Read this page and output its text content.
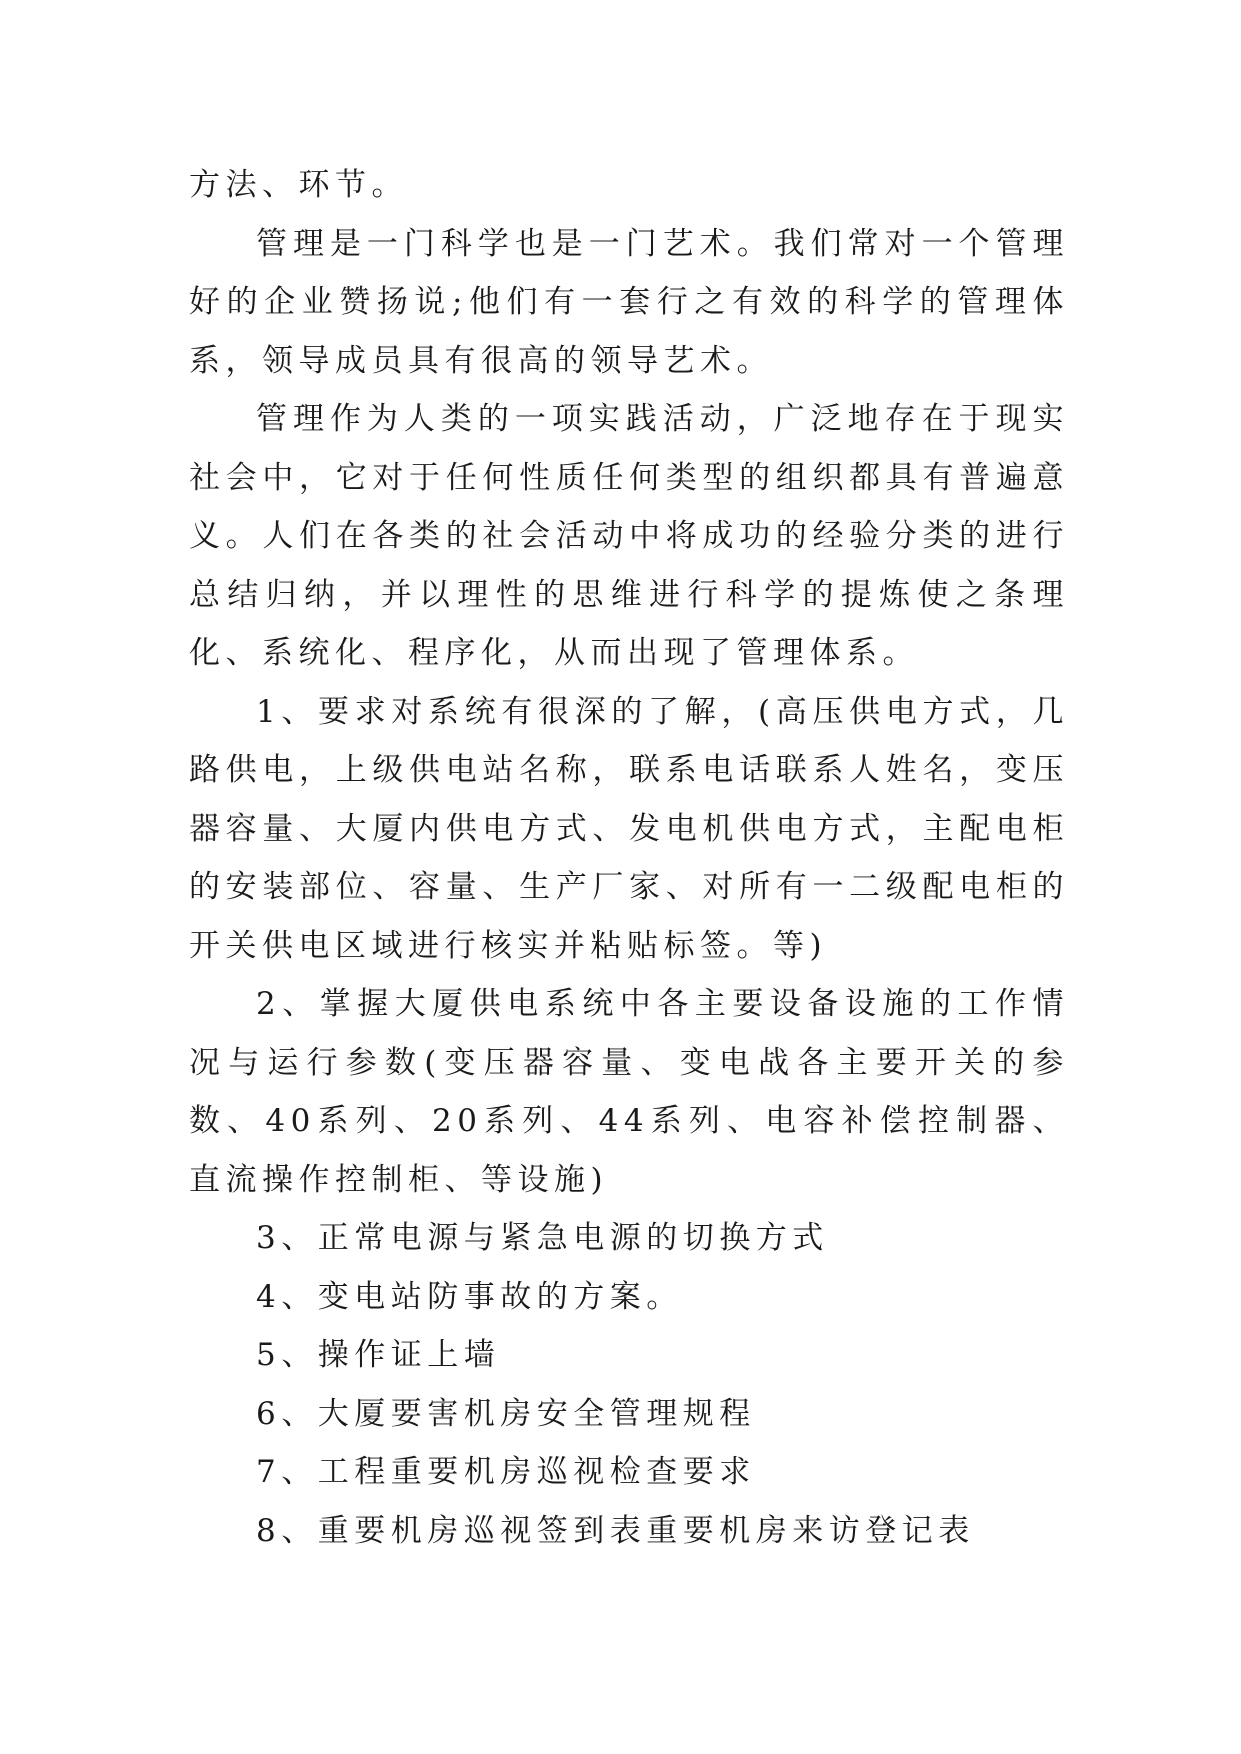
方法、环节。

管理是一门科学也是一门艺术。我们常对一个管理好的企业赞扬说;他们有一套行之有效的科学的管理体系，领导成员具有很高的领导艺术。

管理作为人类的一项实践活动，广泛地存在于现实社会中，它对于任何性质任何类型的组织都具有普遍意义。人们在各类的社会活动中将成功的经验分类的进行总结归纳，并以理性的思维进行科学的提炼使之条理化、系统化、程序化，从而出现了管理体系。

1、要求对系统有很深的了解，(高压供电方式，几路供电，上级供电站名称，联系电话联系人姓名，变压器容量、大厦内供电方式、发电机供电方式，主配电柜的安装部位、容量、生产厂家、对所有一二级配电柜的开关供电区域进行核实并粘贴标签。等)

2、掌握大厦供电系统中各主要设备设施的工作情况与运行参数(变压器容量、变电战各主要开关的参数、40系列、20系列、44系列、电容补偿控制器、直流操作控制柜、等设施)

3、正常电源与紧急电源的切换方式

4、变电站防事故的方案。

5、操作证上墙

6、大厦要害机房安全管理规程

7、工程重要机房巡视检查要求

8、重要机房巡视签到表重要机房来访登记表
